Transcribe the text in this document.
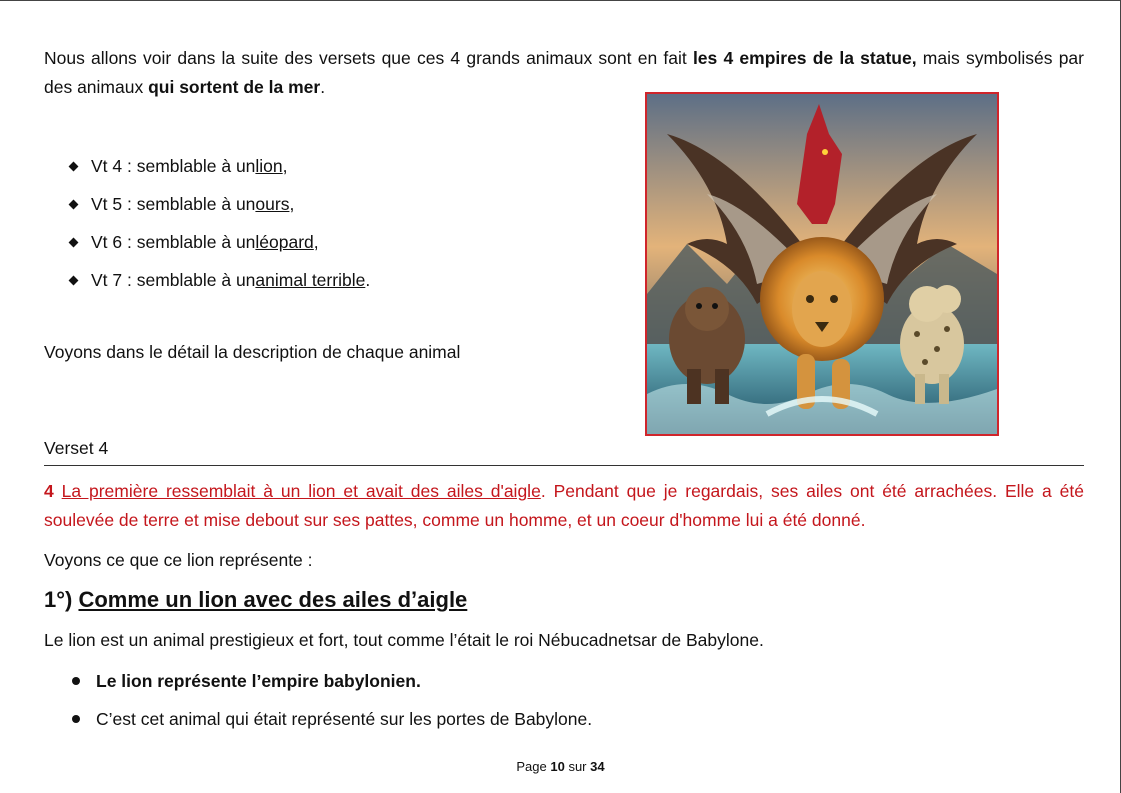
Nous allons voir dans la suite des versets que ces 4 grands animaux sont en fait les 4 empires de la statue, mais symbolisés par des animaux qui sortent de la mer.
Vt 4 : semblable à un lion ,
Vt 5 : semblable à un ours ,
Vt 6 : semblable à un léopard ,
Vt 7 : semblable à un animal terrible .
Voyons dans le détail la description de chaque animal
Verset 4
4 La première ressemblait à un lion et avait des ailes d'aigle. Pendant que je regardais, ses ailes ont été arrachées. Elle a été soulevée de terre et mise debout sur ses pattes, comme un homme, et un coeur d'homme lui a été donné.
Voyons ce que ce lion représente :
1°) Comme un lion avec des ailes d’aigle
Le lion est un animal prestigieux et fort, tout comme l’était le roi Nébucadnetsar de Babylone.
Le lion représente l’empire babylonien.
C’est cet animal qui était représenté sur les portes de Babylone.
Page 10 sur 34
